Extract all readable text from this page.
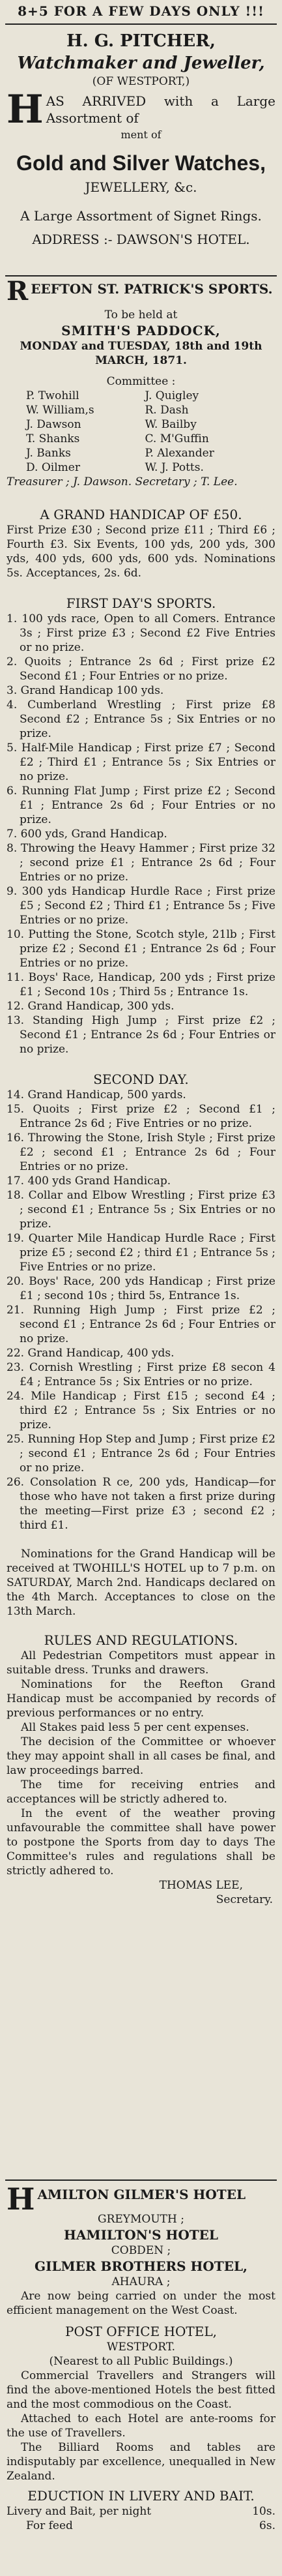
8+5 FOR A FEW DAYS ONLY !!!
H. G. PITCHER,
Watchmaker and Jeweller,
(OF WESTPORT,)
HAS ARRIVED with a Large Assortment of

ment of
Gold and Silver Watches,
JEWELLERY, &c.
A Large Assortment of Signet Rings.
ADDRESS :- DAWSON'S HOTEL.
REEFTON ST. PATRICK'S SPORTS.
To be held at
SMITH'S PADDOCK,
MONDAY and TUESDAY, 18th and 19th
MARCH, 1871.
Committee :
P. Twohill	J. Quigley
W. William,s	R. Dash
J. Dawson	W. Bailby
T. Shanks	C. M'Guffin
J. Banks	P. Alexander
D. Oilmer	W. J. Potts.
Treasurer ; J. Dawson. Secretary ; T. Lee.
A GRAND HANDICAP OF £50.
First Prize £30 ; Second prize £11 ; Third £6 ; Fourth £3. Six Events, 100 yds, 200 yds, 300 yds, 400 yds, 600 yds, 600 yds. Nominations 5s. Acceptances, 2s. 6d.
FIRST DAY'S SPORTS.

1. 100 yds race, Open to all Comers. Entrance 3s ; First prize £3 ; Second £2 Five Entries or no prize.

2. Quoits ; Entrance 2s 6d ; First prize £2 Second £1 ; Four Entries or no prize.

3. Grand Handicap 100 yds.

4. Cumberland Wrestling ; First prize £8 Second £2 ; Entrance 5s ; Six Entries or no prize.

5. Half-Mile Handicap ; First prize £7 ; Second £2 ; Third £1 ; Entrance 5s ; Six Entries or no prize.

6. Running Flat Jump ; First prize £2 ; Second £1 ; Entrance 2s 6d ; Four Entries or no prize.

7. 600 yds, Grand Handicap.

8. Throwing the Heavy Hammer ; First prize 32 ; second prize £1 ; Entrance 2s 6d ; Four Entries or no prize.

9. 300 yds Handicap Hurdle Race ; First prize £5 ; Second £2 ; Third £1 ; Entrance 5s ; Five Entries or no prize.

10. Putting the Stone, Scotch style, 21lb ; First prize £2 ; Second £1 ; Entrance 2s 6d ; Four Entries or no prize.

11. Boys' Race, Handicap, 200 yds ; First prize £1 ; Second 10s ; Third 5s ; Entrance 1s.

12. Grand Handicap, 300 yds.

13. Standing High Jump ; First prize £2 ; Second £1 ; Entrance 2s 6d ; Four Entries or no prize.

SECOND DAY.

14. Grand Handicap, 500 yards.

15. Quoits ; First prize £2 ; Second £1 ; Entrance 2s 6d ; Five Entries or no prize.

16. Throwing the Stone, Irish Style ; First prize £2 ; second £1 ; Entrance 2s 6d ; Four Entries or no prize.

17. 400 yds Grand Handicap.

18. Collar and Elbow Wrestling ; First prize £3 ; second £1 ; Entrance 5s ; Six Entries or no prize.

19. Quarter Mile Handicap Hurdle Race ; First prize £5 ; second £2 ; third £1 ; Entrance 5s ; Five Entries or no prize.

20. Boys' Race, 200 yds Handicap ; First prize £1 ; second 10s ; third 5s, Entrance 1s.

21. Running High Jump ; First prize £2 ; second £1 ; Entrance 2s 6d ; Four Entries or no prize.

22. Grand Handicap, 400 yds.

23. Cornish Wrestling ; First prize £8 secon 4 £4 ; Entrance 5s ; Six Entries or no prize.

24. Mile Handicap ; First £15 ; second £4 ; third £2 ; Entrance 5s ; Six Entries or no prize.

25. Running Hop Step and Jump ; First prize £2 ; second £1 ; Entrance 2s 6d ; Four Entries or no prize.

26. Consolation R ce, 200 yds, Handicap—for those who have not taken a first prize during the meeting—First prize £3 ; second £2 ; third £1.

Nominations for the Grand Handicap will be received at TWOHILL'S HOTEL up to 7 p.m. on SATURDAY, March 2nd. Handicaps declared on the 4th March. Acceptances to close on the 13th March.
RULES AND REGULATIONS.
All Pedestrian Competitors must appear in suitable dress. Trunks and drawers.
Nominations for the Reefton Grand Handicap must be accompanied by records of previous performances or no entry.
All Stakes paid less 5 per cent expenses.
The decision of the Committee or whoever they may appoint shall in all cases be final, and law proceedings barred.
The time for receiving entries and acceptances will be strictly adhered to.
In the event of the weather proving unfavourable the committee shall have power to postpone the Sports from day to days The Committee's rules and regulations shall be strictly adhered to.
THOMAS LEE,
Secretary.
HAMILTON GILMER'S HOTEL
GREYMOUTH ;
HAMILTON'S HOTEL
COBDEN ;
GILMER BROTHERS HOTEL,
AHAURA ;
Are now being carried on under the most efficient management on the West Coast.
POST OFFICE HOTEL,
WESTPORT.
(Nearest to all Public Buildings.)
Commercial Travellers and Strangers will find the above-mentioned Hotels the best fitted and the most commodious on the Coast.
Attached to each Hotel are ante-rooms for the use of Travellers.
The Billiard Rooms and tables are indisputably par excellence, unequalled in New Zealand.
EDUCTION IN LIVERY AND BAIT.
Livery and Bait, per night	10s.
For feed	6s.
